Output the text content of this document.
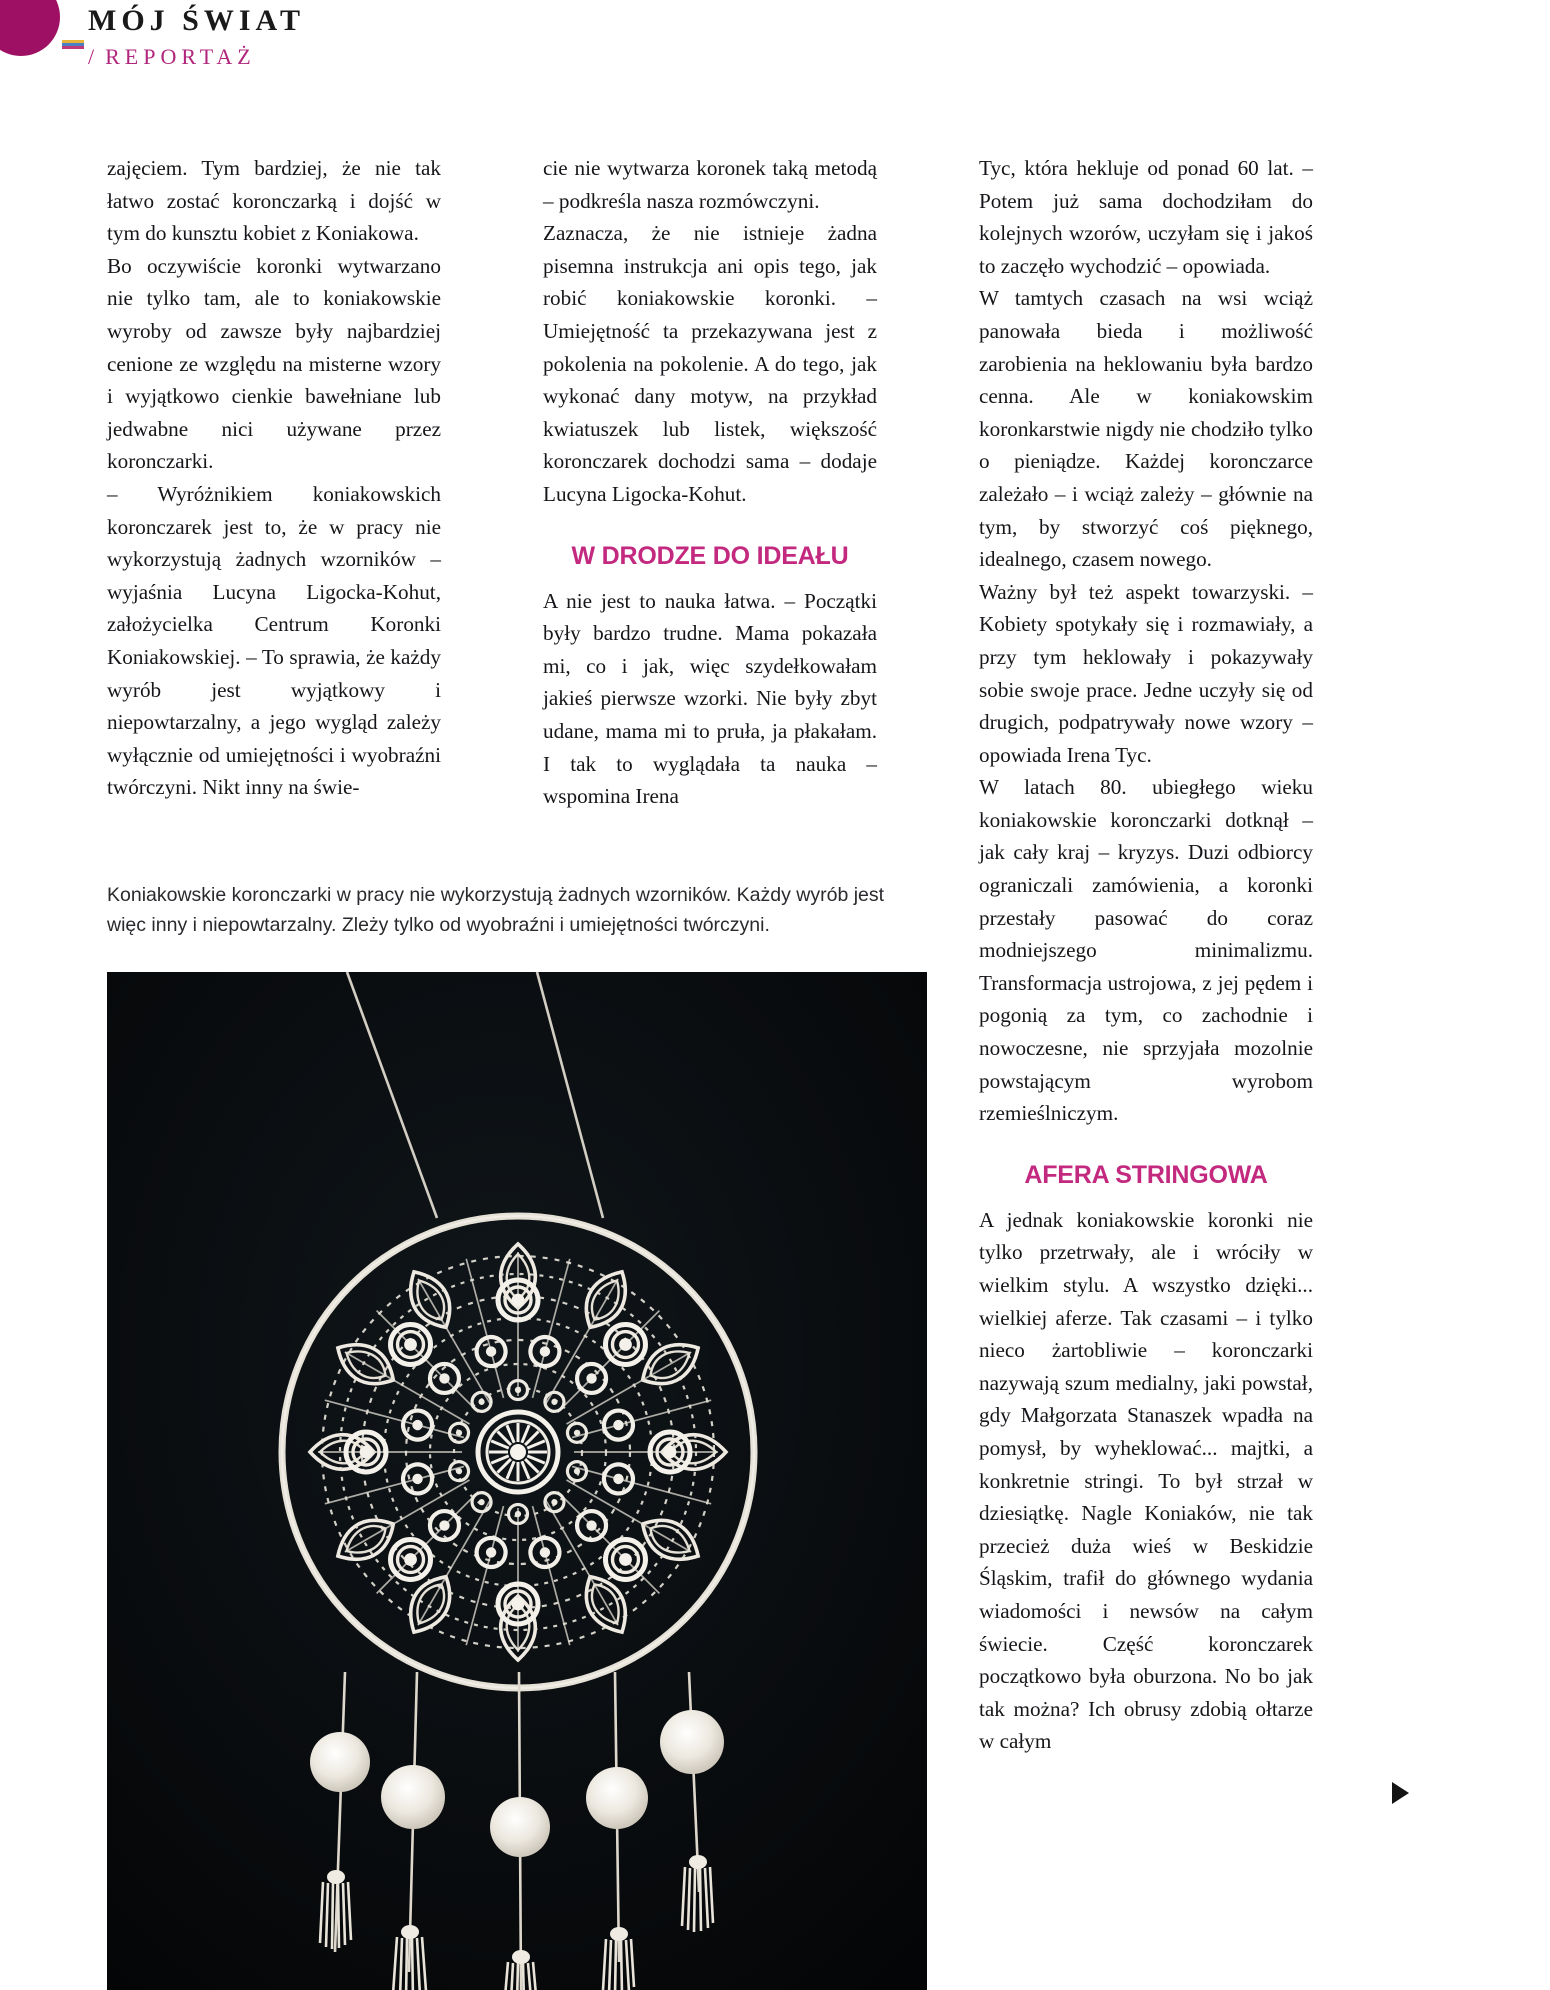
MÓJ ŚWIAT
/ REPORTAŻ

zajęciem. Tym bardziej, że nie tak łatwo zostać koronczarką i dojść w tym do kunsztu kobiet z Koniakowa.

Bo oczywiście koronki wytwarzano nie tylko tam, ale to koniakowskie wyroby od zawsze były najbardziej cenione ze względu na misterne wzory i wyjątkowo cienkie bawełniane lub jedwabne nici używane przez koronczarki.

– Wyróżnikiem koniakowskich koronczarek jest to, że w pracy nie wykorzystują żadnych wzorników – wyjaśnia Lucyna Ligocka-Kohut, założycielka Centrum Koronki Koniakowskiej. – To sprawia, że każdy wyrób jest wyjątkowy i niepowtarzalny, a jego wygląd zależy wyłącznie od umiejętności i wyobraźni twórczyni. Nikt inny na świe-

cie nie wytwarza koronek taką metodą – podkreśla nasza rozmówczyni.

Zaznacza, że nie istnieje żadna pisemna instrukcja ani opis tego, jak robić koniakowskie koronki. – Umiejętność ta przekazywana jest z pokolenia na pokolenie. A do tego, jak wykonać dany motyw, na przykład kwiatuszek lub listek, większość koronczarek dochodzi sama – dodaje Lucyna Ligocka-Kohut.

W DRODZE DO IDEAŁU

A nie jest to nauka łatwa. – Początki były bardzo trudne. Mama pokazała mi, co i jak, więc szydełkowałam jakieś pierwsze wzorki. Nie były zbyt udane, mama mi to pruła, ja płakałam. I tak to wyglądała ta nauka – wspomina Irena

Tyc, która hekluje od ponad 60 lat. – Potem już sama dochodziłam do kolejnych wzorów, uczyłam się i jakoś to zaczęło wychodzić – opowiada.

W tamtych czasach na wsi wciąż panowała bieda i możliwość zarobienia na heklowaniu była bardzo cenna. Ale w koniakowskim koronkarstwie nigdy nie chodziło tylko o pieniądze. Każdej koronczarce zależało – i wciąż zależy – głównie na tym, by stworzyć coś pięknego, idealnego, czasem nowego.

Ważny był też aspekt towarzyski. – Kobiety spotykały się i rozmawiały, a przy tym heklowały i pokazywały sobie swoje prace. Jedne uczyły się od drugich, podpatrywały nowe wzory – opowiada Irena Tyc.

W latach 80. ubiegłego wieku koniakowskie koronczarki dotknął – jak cały kraj – kryzys. Duzi odbiorcy ograniczali zamówienia, a koronki przestały pasować do coraz modniejszego minimalizmu. Transformacja ustrojowa, z jej pędem i pogonią za tym, co zachodnie i nowoczesne, nie sprzyjała mozolnie powstającym wyrobom rzemieślniczym.

AFERA STRINGOWA

A jednak koniakowskie koronki nie tylko przetrwały, ale i wróciły w wielkim stylu. A wszystko dzięki... wielkiej aferze. Tak czasami – i tylko nieco żartobliwie – koronczarki nazywają szum medialny, jaki powstał, gdy Małgorzata Stanaszek wpadła na pomysł, by wyheklować... majtki, a konkretnie stringi. To był strzał w dziesiątkę. Nagle Koniaków, nie tak przecież duża wieś w Beskidzie Śląskim, trafił do głównego wydania wiadomości i newsów na całym świecie. Część koronczarek początkowo była oburzona. No bo jak tak można? Ich obrusy zdobią ołtarze w całym

Koniakowskie koronczarki w pracy nie wykorzystują żadnych wzorników. Każdy wyrób jest więc inny i niepowtarzalny. Zleży tylko od wyobraźni i umiejętności twórczyni.
